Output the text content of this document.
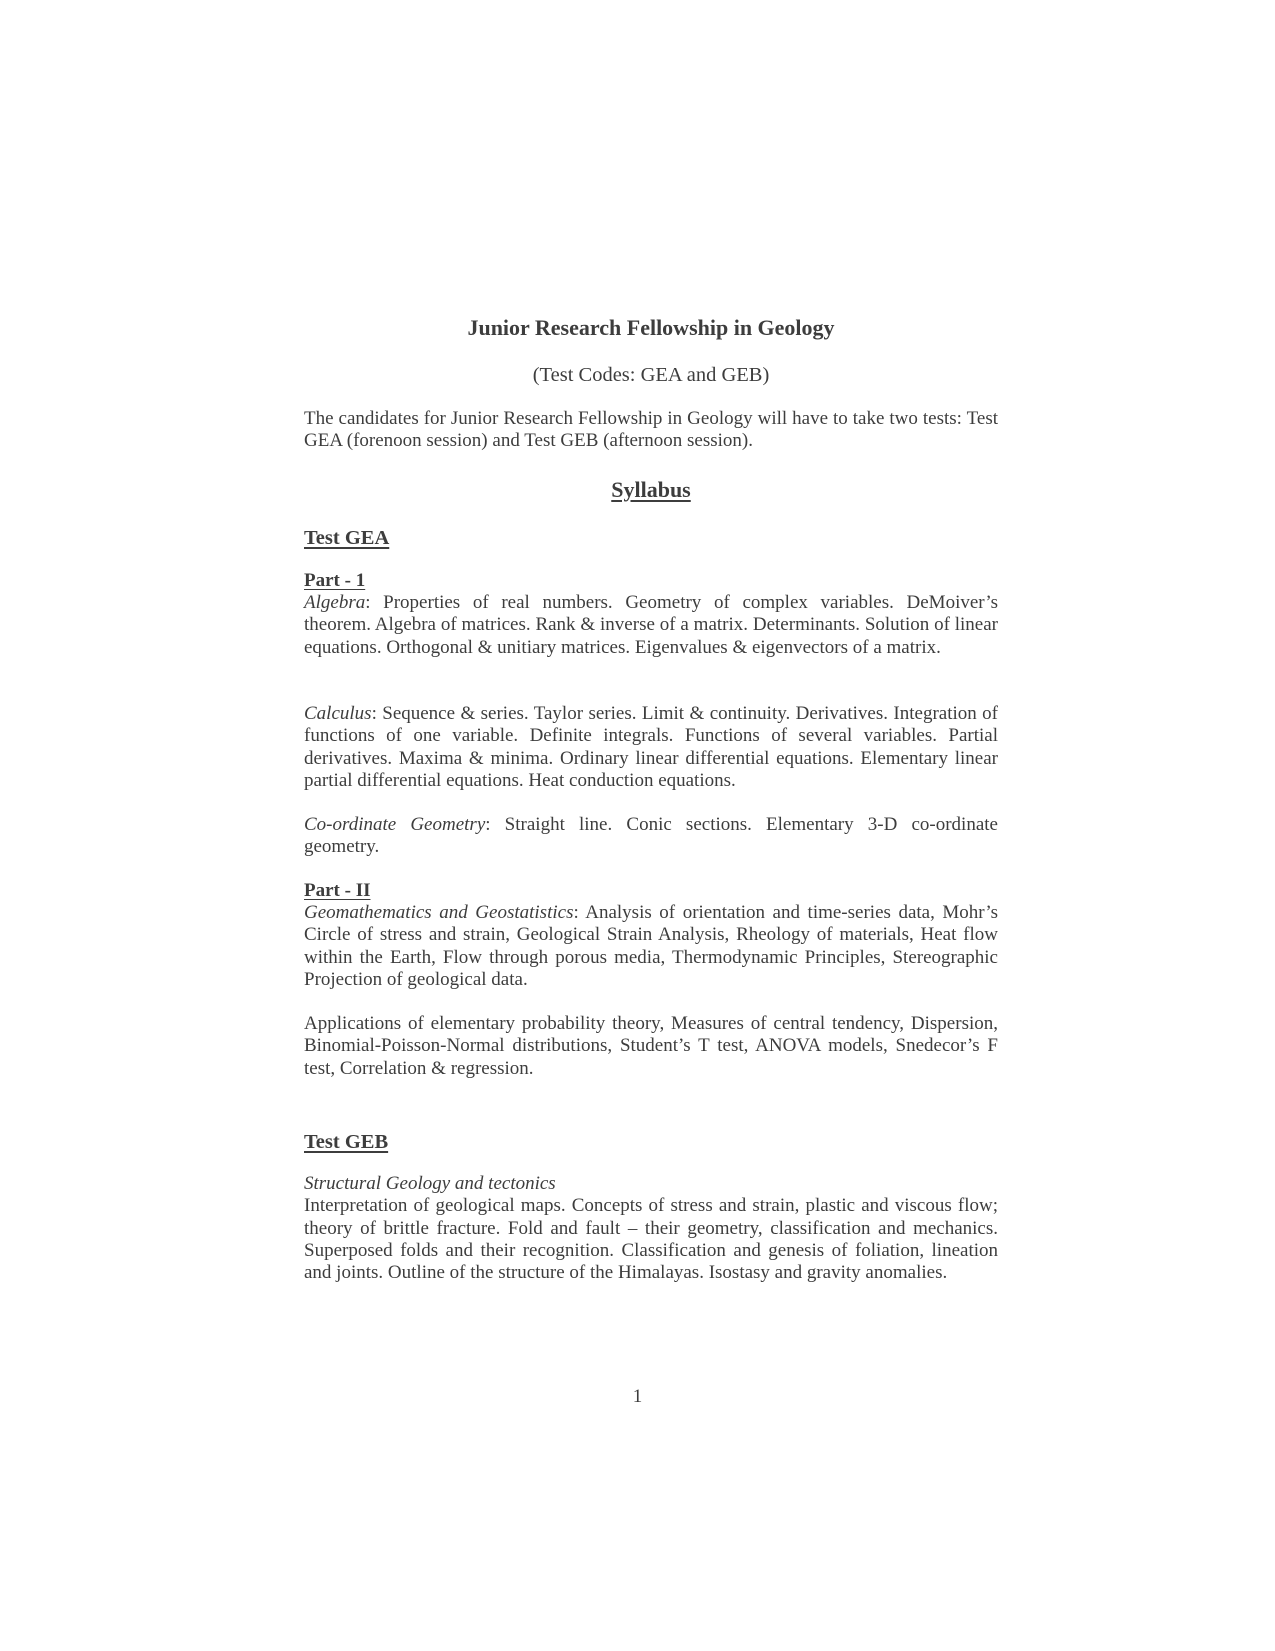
Junior Research Fellowship in Geology
(Test Codes: GEA and GEB)
The candidates for Junior Research Fellowship in Geology will have to take two tests: Test GEA (forenoon session) and Test GEB (afternoon session).
Syllabus
Test GEA
Part - 1
Algebra: Properties of real numbers. Geometry of complex variables. DeMoiver’s theorem. Algebra of matrices. Rank & inverse of a matrix. Determinants. Solution of linear equations. Orthogonal & unitiary matrices. Eigenvalues & eigenvectors of a matrix.
Calculus: Sequence & series. Taylor series. Limit & continuity. Derivatives. Integration of functions of one variable. Definite integrals. Functions of several variables. Partial derivatives. Maxima & minima. Ordinary linear differential equations. Elementary linear partial differential equations. Heat conduction equations.
Co-ordinate Geometry: Straight line. Conic sections. Elementary 3-D co-ordinate geometry.
Part - II
Geomathematics and Geostatistics: Analysis of orientation and time-series data, Mohr’s Circle of stress and strain, Geological Strain Analysis, Rheology of materials, Heat flow within the Earth, Flow through porous media, Thermodynamic Principles, Stereographic Projection of geological data.
Applications of elementary probability theory, Measures of central tendency, Dispersion, Binomial-Poisson-Normal distributions, Student’s T test, ANOVA models, Snedecor’s F test, Correlation & regression.
Test GEB
Structural Geology and tectonics
Interpretation of geological maps. Concepts of stress and strain, plastic and viscous flow; theory of brittle fracture. Fold and fault – their geometry, classification and mechanics. Superposed folds and their recognition. Classification and genesis of foliation, lineation and joints. Outline of the structure of the Himalayas. Isostasy and gravity anomalies.
1
